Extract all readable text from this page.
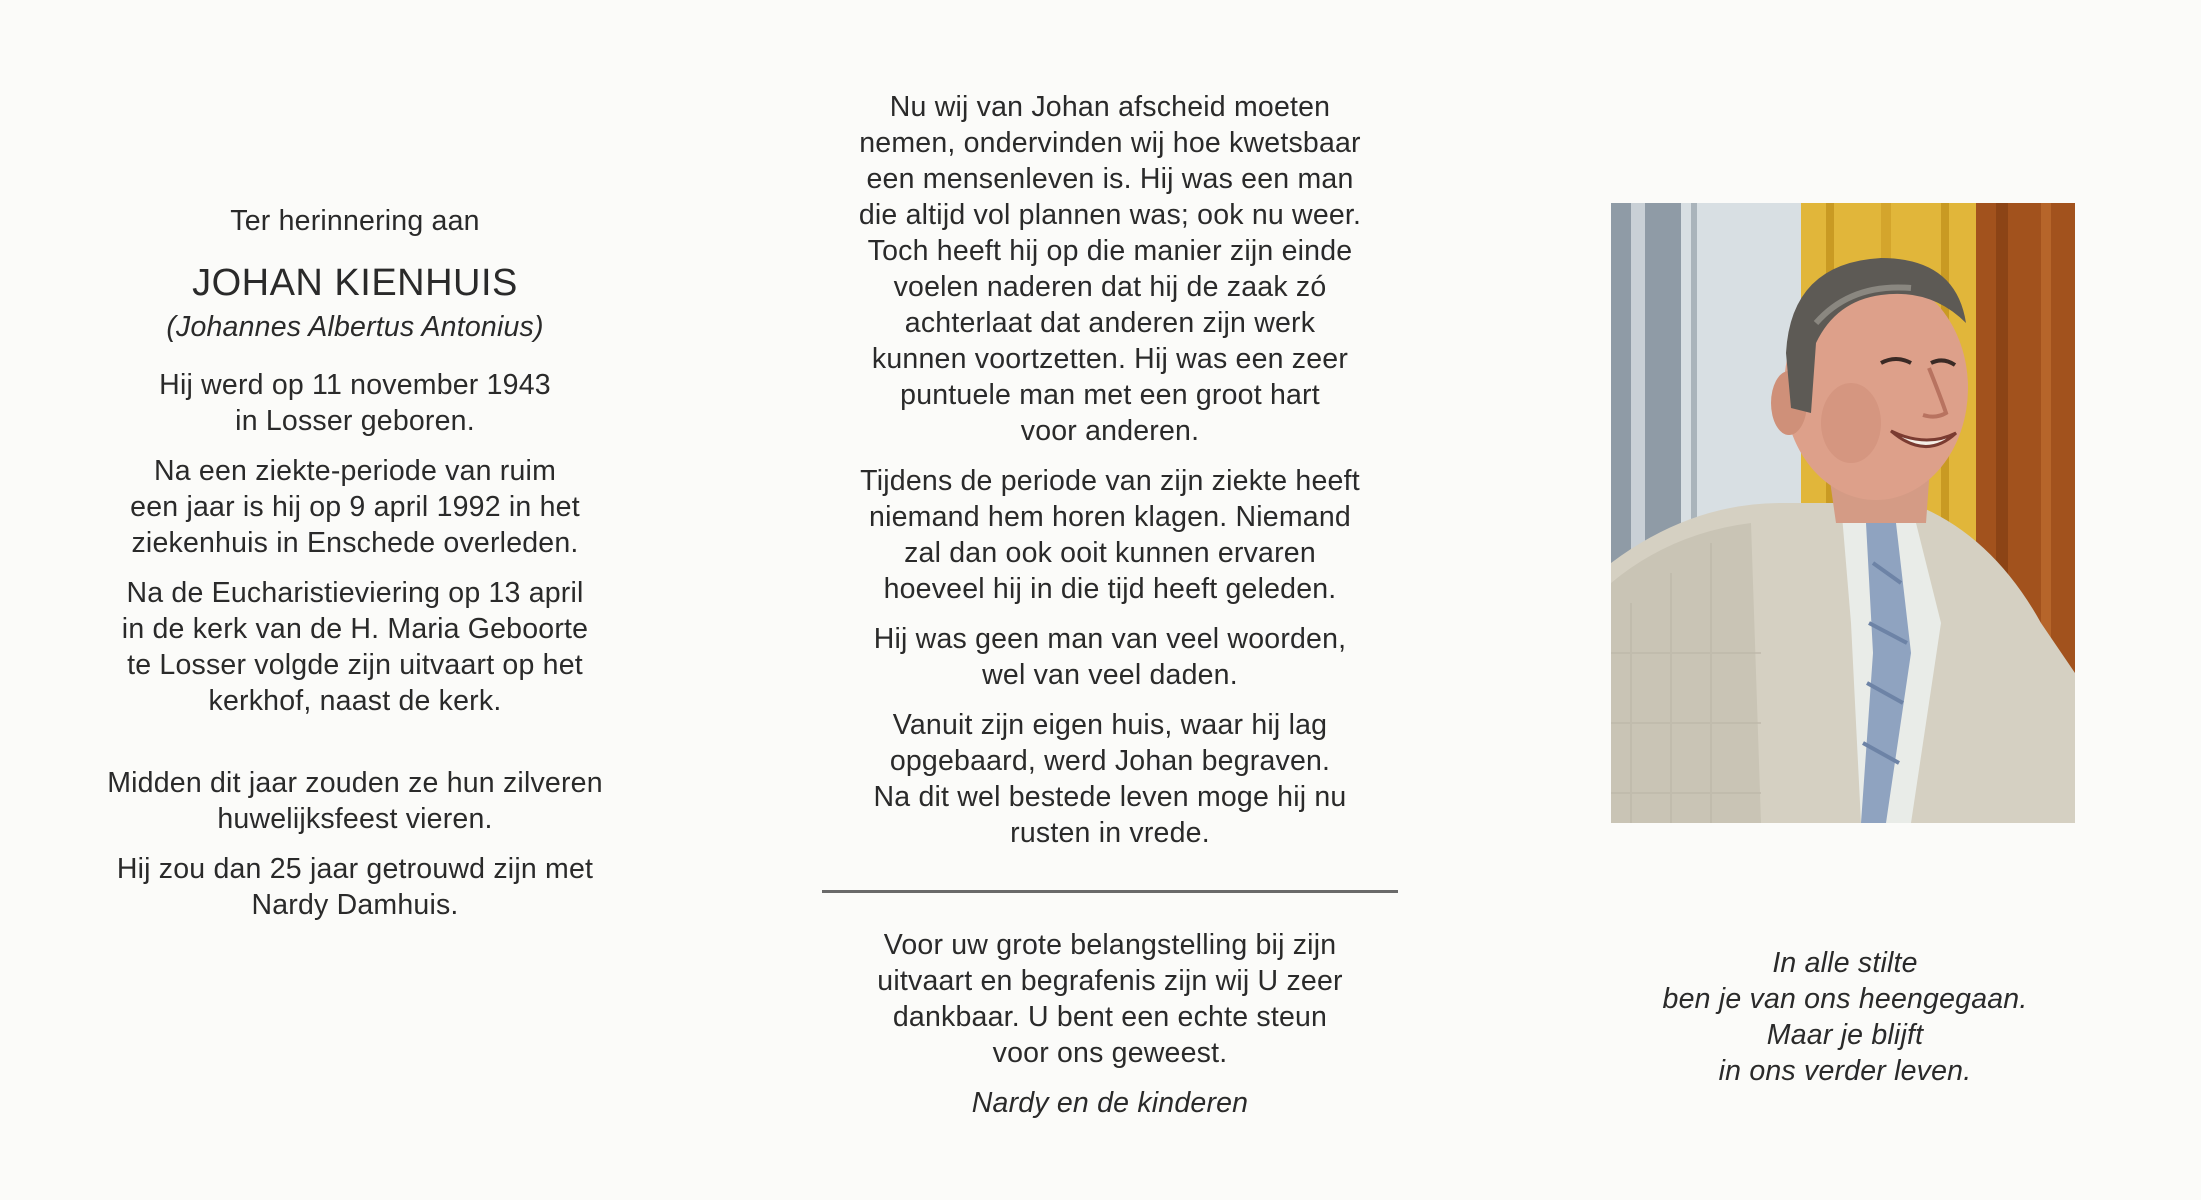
Ter herinnering aan

JOHAN KIENHUIS

(Johannes Albertus Antonius)

Hij werd op 11 november 1943
in Losser geboren.

Na een ziekte-periode van ruim
een jaar is hij op 9 april 1992 in het
ziekenhuis in Enschede overleden.

Na de Eucharistieviering op 13 april
in de kerk van de H. Maria Geboorte
te Losser volgde zijn uitvaart op het
kerkhof, naast de kerk.

Midden dit jaar zouden ze hun zilveren
huwelijksfeest vieren.

Hij zou dan 25 jaar getrouwd zijn met
Nardy Damhuis.

Nu wij van Johan afscheid moeten
nemen, ondervinden wij hoe kwetsbaar
een mensenleven is. Hij was een man
die altijd vol plannen was; ook nu weer.
Toch heeft hij op die manier zijn einde
voelen naderen dat hij de zaak zó
achterlaat dat anderen zijn werk
kunnen voortzetten. Hij was een zeer
puntuele man met een groot hart
voor anderen.

Tijdens de periode van zijn ziekte heeft
niemand hem horen klagen. Niemand
zal dan ook ooit kunnen ervaren
hoeveel hij in die tijd heeft geleden.

Hij was geen man van veel woorden,
wel van veel daden.

Vanuit zijn eigen huis, waar hij lag
opgebaard, werd Johan begraven.
Na dit wel bestede leven moge hij nu
rusten in vrede.

Voor uw grote belangstelling bij zijn
uitvaart en begrafenis zijn wij U zeer
dankbaar. U bent een echte steun
voor ons geweest.

Nardy en de kinderen

In alle stilte
ben je van ons heengegaan.
Maar je blijft
in ons verder leven.
